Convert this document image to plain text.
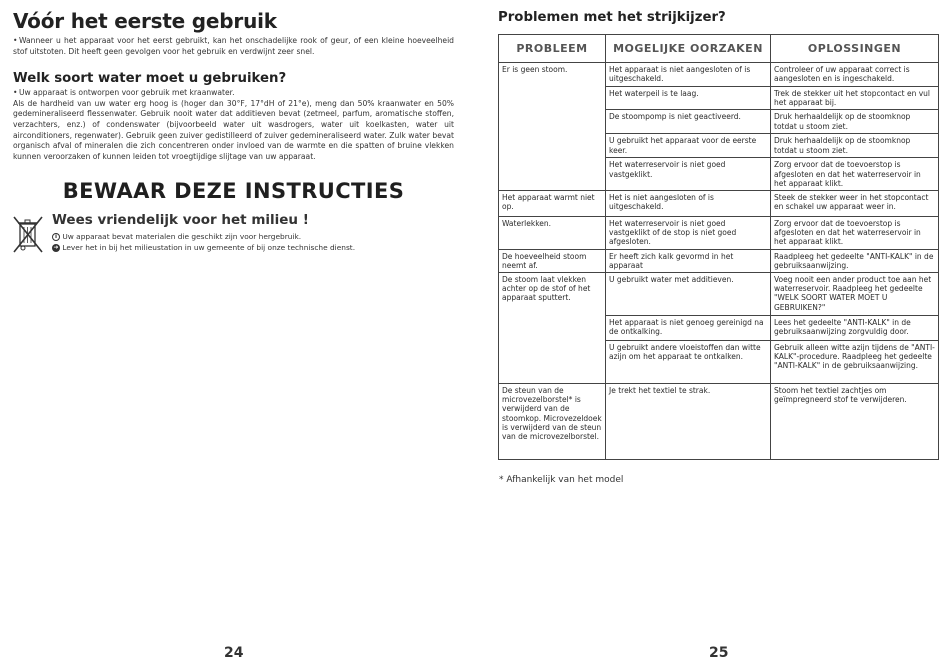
Vóór het eerste gebruik
• Wanneer u het apparaat voor het eerst gebruikt, kan het onschadelijke rook of geur, of een kleine hoeveelheid stof uitstoten. Dit heeft geen gevolgen voor het gebruik en verdwijnt zeer snel.
Welk soort water moet u gebruiken?
• Uw apparaat is ontworpen voor gebruik met kraanwater.
Als de hardheid van uw water erg hoog is (hoger dan 30°F, 17°dH of 21°e), meng dan 50% kraanwater en 50% gedemineraliseerd flessenwater. Gebruik nooit water dat additieven bevat (zetmeel, parfum, aromatische stoffen, verzachters, enz.) of condenswater (bijvoorbeeld water uit wasdrogers, water uit koelkasten, water uit airconditioners, regenwater). Gebruik geen zuiver gedistilleerd of zuiver gedemineraliseerd water. Zulk water bevat organisch afval of mineralen die zich concentreren onder invloed van de warmte en die spatten of bruine vlekken kunnen veroorzaken of kunnen leiden tot vroegtijdige slijtage van uw apparaat.
BEWAAR DEZE INSTRUCTIES
Wees vriendelijk voor het milieu !
i Uw apparaat bevat materialen die geschikt zijn voor hergebruik.
➜ Lever het in bij het milieustation in uw gemeente of bij onze technische dienst.
24
Problemen met het strijkijzer?
PROBLEEM	MOGELIJKE OORZAKEN	OPLOSSINGEN
Er is geen stoom.	Het apparaat is niet aangesloten of is uitgeschakeld.	Controleer of uw apparaat correct is aangesloten en is ingeschakeld.
	Het waterpeil is te laag.	Trek de stekker uit het stopcontact en vul het apparaat bij.
	De stoompomp is niet geactiveerd.	Druk herhaaldelijk op de stoomknop totdat u stoom ziet.
	U gebruikt het apparaat voor de eerste keer.	Druk herhaaldelijk op de stoomknop totdat u stoom ziet.
	Het waterreservoir is niet goed vastgeklikt.	Zorg ervoor dat de toevoerstop is afgesloten en dat het waterreservoir in het apparaat klikt.
Het apparaat warmt niet op.	Het is niet aangesloten of is uitgeschakeld.	Steek de stekker weer in het stopcontact en schakel uw apparaat weer in.
Waterlekken.	Het waterreservoir is niet goed vastgeklikt of de stop is niet goed afgesloten.	Zorg ervoor dat de toevoerstop is afgesloten en dat het waterreservoir in het apparaat klikt.
De hoeveelheid stoom neemt af.	Er heeft zich kalk gevormd in het apparaat	Raadpleeg het gedeelte "ANTI-KALK" in de gebruiksaanwijzing.
De stoom laat vlekken achter op de stof of het apparaat sputtert.	U gebruikt water met additieven.	Voeg nooit een ander product toe aan het waterreservoir. Raadpleeg het gedeelte "WELK SOORT WATER MOET U GEBRUIKEN?"
	Het apparaat is niet genoeg gereinigd na de ontkalking.	Lees het gedeelte "ANTI-KALK" in de gebruiksaanwijzing zorgvuldig door.
	U gebruikt andere vloeistoffen dan witte azijn om het apparaat te ontkalken.	Gebruik alleen witte azijn tijdens de "ANTI-KALK"-procedure. Raadpleeg het gedeelte "ANTI-KALK" in de gebruiksaanwijzing.
De steun van de microvezelborstel* is verwijderd van de stoomkop. Microvezeldoek is verwijderd van de steun van de microvezelborstel.	Je trekt het textiel te strak.	Stoom het textiel zachtjes om geïmpregneerd stof te verwijderen.
* Afhankelijk van het model
25
